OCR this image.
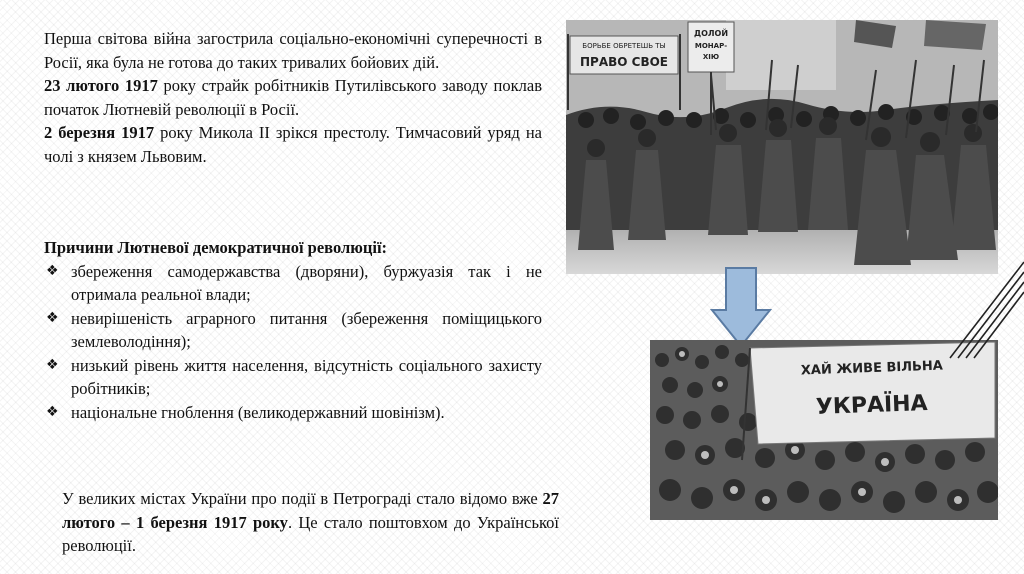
Перша світова війна загострила соціально-економічні суперечності в Росії, яка була не готова до таких тривалих бойових дій.

23 лютого 1917 року страйк робітників Путилівського заводу поклав початок Лютневій революції в Росії.

2 березня 1917 року Микола ІІ зрікся престолу. Тимчасовий уряд на чолі з князем Львовим.

Причини Лютневої демократичної революції:

❖ збереження самодержавства (дворяни), буржуазія так і не отримала реальної влади;
❖ невирішеність аграрного питання (збереження поміщицького землеволодіння);
❖ низький рівень життя населення, відсутність соціального захисту робітників;
❖ національне гноблення (великодержавний шовінізм).
У великих містах України про події в Петрограді стало відомо вже 27 лютого – 1 березня 1917 року. Це стало поштовхом до Української революції.
БОРЬБЕ ОБРЕТЕШЬ ТЫ
ПРАВО СВОЕ
ДОЛОЙ
МОНАР-
ХІЮ
ХАЙ ЖИВЕ ВІЛЬНА
УКРАЇНА
